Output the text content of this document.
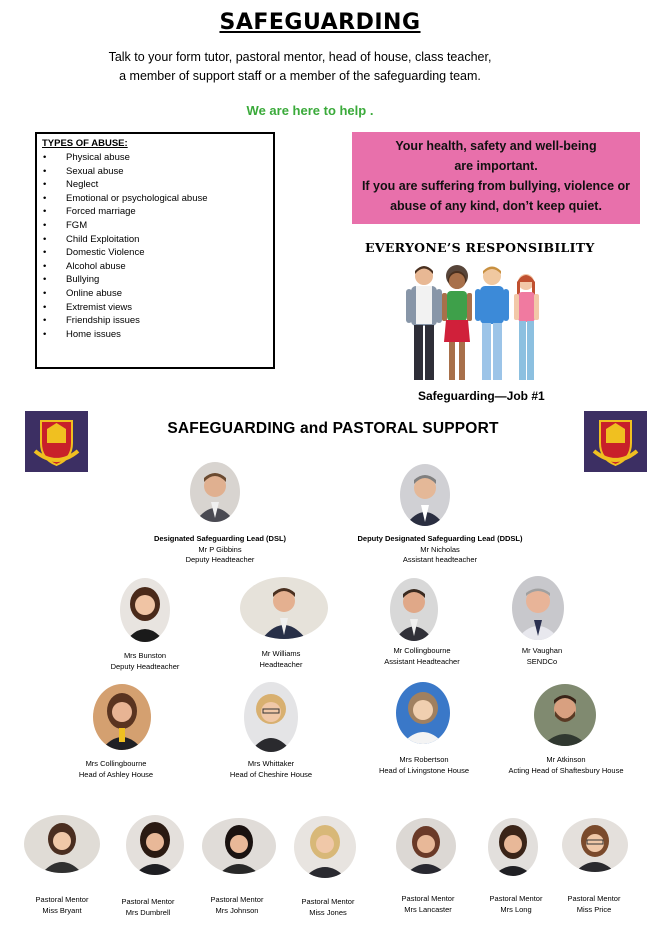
SAFEGUARDING
Talk to your form tutor, pastoral mentor, head of house, class teacher,
a member of support staff or a member of the safeguarding team.
We are here to help .
TYPES OF ABUSE:
• Physical abuse
• Sexual abuse
• Neglect
• Emotional or psychological abuse
• Forced marriage
• FGM
• Child Exploitation
• Domestic Violence
• Alcohol abuse
• Bullying
• Online abuse
• Extremist views
• Friendship issues
• Home issues
Your health, safety and well-being
are important.
If you are suffering from bullying, violence or
abuse of any kind, don’t keep quiet.
EVERYONE’S RESPONSIBILITY
Safeguarding—Job #1
SAFEGUARDING and PASTORAL SUPPORT
Designated Safeguarding Lead (DSL)
Mr P Gibbins
Deputy Headteacher
Deputy Designated Safeguarding Lead (DDSL)
Mr Nicholas
Assistant headteacher
Mrs Bunston
Deputy Headteacher
Mr Williams
Headteacher
Mr Collingbourne
Assistant Headteacher
Mr Vaughan
SENDCo
Mrs Collingbourne
Head of Ashley House
Mrs Whittaker
Head of Cheshire House
Mrs Robertson
Head of Livingstone House
Mr Atkinson
Acting Head of Shaftesbury House
Pastoral Mentor
Miss Bryant
Pastoral Mentor
Mrs Dumbrell
Pastoral Mentor
Mrs Johnson
Pastoral Mentor
Miss Jones
Pastoral Mentor
Mrs Lancaster
Pastoral Mentor
Mrs Long
Pastoral Mentor
Miss Price
